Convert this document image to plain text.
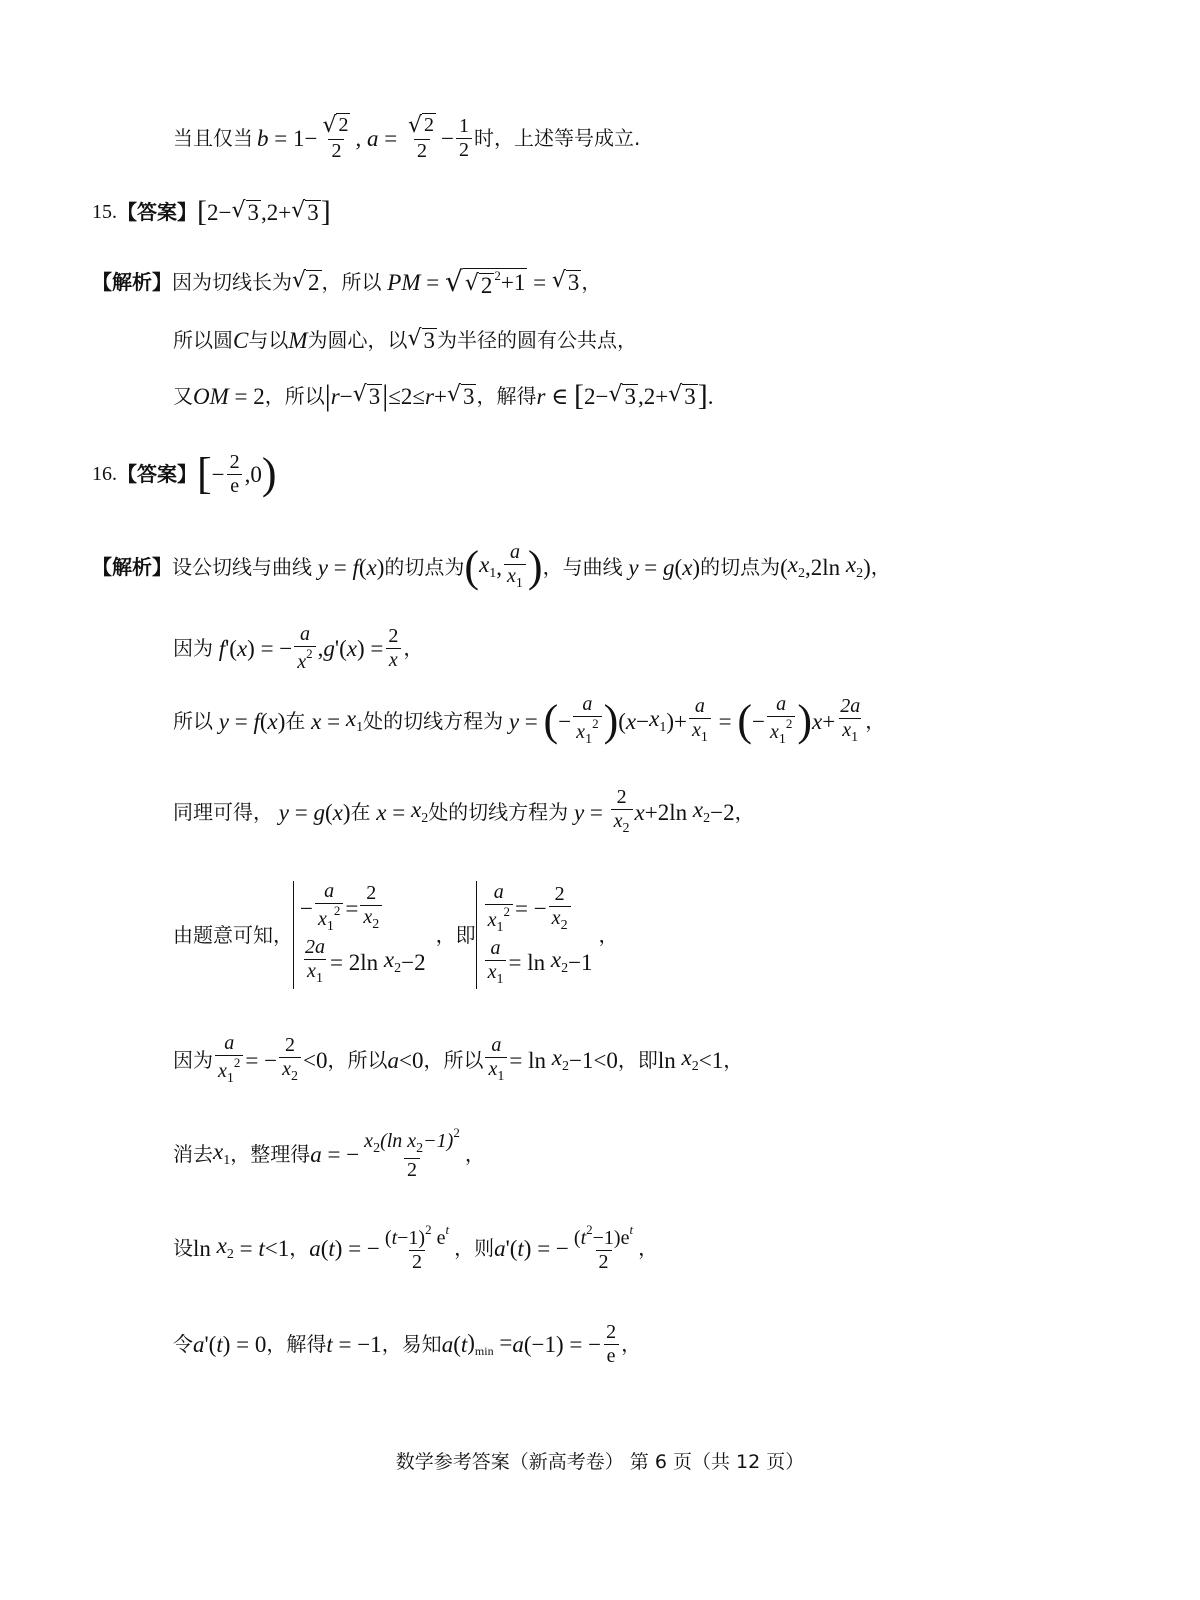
当且仅当 $b = 1- \frac{√ 2}{2}$ , $a = \frac{√ 2}{2} - \frac{1}{2}$ 时，上述等号成立.
15. 【答案】 [ 2− √ 3 ,2+ √ 3 ]
【解析】 因为切线长为 √ 2 ，所以 PM = √ √ 2 $^2$+1 = √ 3 ，
所以圆 C 与以 M 为圆心，以 √ 3 为半径的圆有公共点，
又 OM = 2 ，所以 | r − √ 3 | ≤2≤ r + √ 3 ，解得 r ∈ [ 2− √ 3 ,2+ √ 3 ] .
16. 【答案】 [ − $\frac{2}{e} ,0$ )
【解析】 设公切线与曲线 y = f ( x ) 的切点为 ( $x_1$ , $\frac{a}{x_1}$ ) ，与曲线 y = g ( x ) 的切点为 ( $x_2$ ,2ln $x_2$ ) ，
因为 f '( x ) = − $\frac{a}{x^2}$ , g '( x ) = $\frac{2}{x}$ ，
所以 y = f ( x ) 在 $x = x_1$ 处的切线方程为 y = ( − $\frac{a}{x_1^2}$ ) ( $x - x_1$ )+ $\frac{a}{x_1}$ = ( − $\frac{a}{x_1^2}$ ) $x + \frac{2a}{x_1}$ ，
同理可得， y = g ( x ) 在 $x = x_2$ 处的切线方程为 $y = \frac{2}{x_2}$ x +2ln $x_2 -2$ ，
由题意可知，
− $\frac{a}{x_1^2} = \frac{2}{x_2}$
$\frac{2a}{x_1} = 2\ln$ $x_2 -2$
，即 $\frac{a}{x_1^2}$ = − $\frac{2}{x_2}$
$\frac{a}{x_1} = \ln x_2 -1$
，
因为 $\frac{a}{x_1^2}$ = − $\frac{2}{x_2} <0$ ，所以 a <0 ，所以 $\frac{a}{x_1} = \ln x_2 -1<0$ ，即 $\ln x_2 <1$ ，
消去 $x_1$ ，整理得 a = − $\frac{x_2(\ln x_2-1)^2}{2}$ ，
设 $\ln x_2 = t <1$ ， a ( t ) = − $\frac{(t-1)^2 e^t}{2}$ ，则 a '( t ) = − $\frac{(t^2-1)e^t}{2}$ ，
令 a '( t ) = 0 ，解得 t = −1 ，易知 a ( t )$_{min} = a$ (−1) = − $\frac{2}{e}$ ，
数学参考答案（新高考卷） 第 6 页（共 12 页）
